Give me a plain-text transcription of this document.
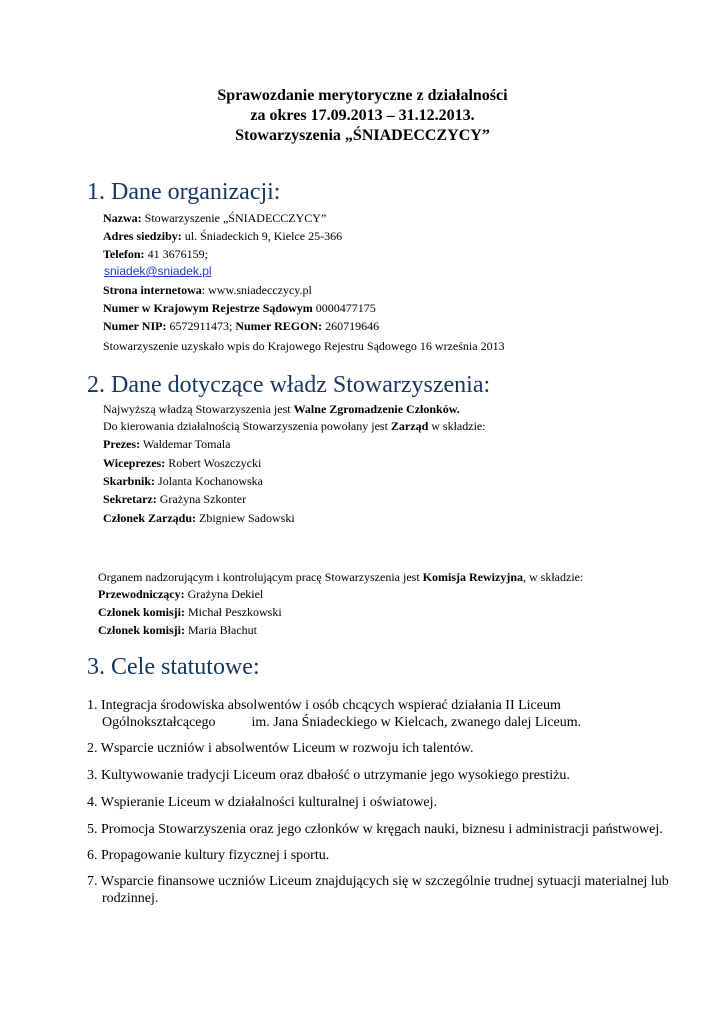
Sprawozdanie merytoryczne z działalności

za okres 17.09.2013 – 31.12.2013.

Stowarzyszenia „ŚNIADECCZYCY”

1. Dane organizacji:

Nazwa: Stowarzyszenie „ŚNIADECCZYCY”

Adres siedziby: ul. Śniadeckich 9, Kielce 25-366

Telefon: 41 3676159;

sniadek@sniadek.pl

Strona internetowa: www.sniadecczycy.pl

Numer w Krajowym Rejestrze Sądowym 0000477175

Numer NIP: 6572911473; Numer REGON: 260719646

Stowarzyszenie uzyskało wpis do Krajowego Rejestru Sądowego 16 września 2013

2. Dane dotyczące władz Stowarzyszenia:

Najwyższą władzą Stowarzyszenia jest Walne Zgromadzenie Członków.

Do kierowania działalnością Stowarzyszenia powołany jest Zarząd w składzie:

Prezes: Waldemar Tomala

Wiceprezes: Robert Woszczycki

Skarbnik: Jolanta Kochanowska

Sekretarz: Grażyna Szkonter

Członek Zarządu: Zbigniew Sadowski

Organem nadzorującym i kontrolującym pracę Stowarzyszenia jest Komisja Rewizyjna, w składzie:

Przewodniczący: Grażyna Dekiel

Członek komisji: Michał Peszkowski

Członek komisji: Maria Błachut

3. Cele statutowe:

1. Integracja środowiska absolwentów i osób chcących wspierać działania II Liceum
Ogólnokształcącego	im. Jana Śniadeckiego w Kielcach, zwanego dalej Liceum.

2. Wsparcie uczniów i absolwentów Liceum w rozwoju ich talentów.

3. Kultywowanie tradycji Liceum oraz dbałość o utrzymanie jego wysokiego prestiżu.

4. Wspieranie Liceum w działalności kulturalnej i oświatowej.

5. Promocja Stowarzyszenia oraz jego członków w kręgach nauki, biznesu i administracji państwowej.

6. Propagowanie kultury fizycznej i sportu.

7. Wsparcie finansowe uczniów Liceum znajdujących się w szczególnie trudnej sytuacji materialnej lub
rodzinnej.
